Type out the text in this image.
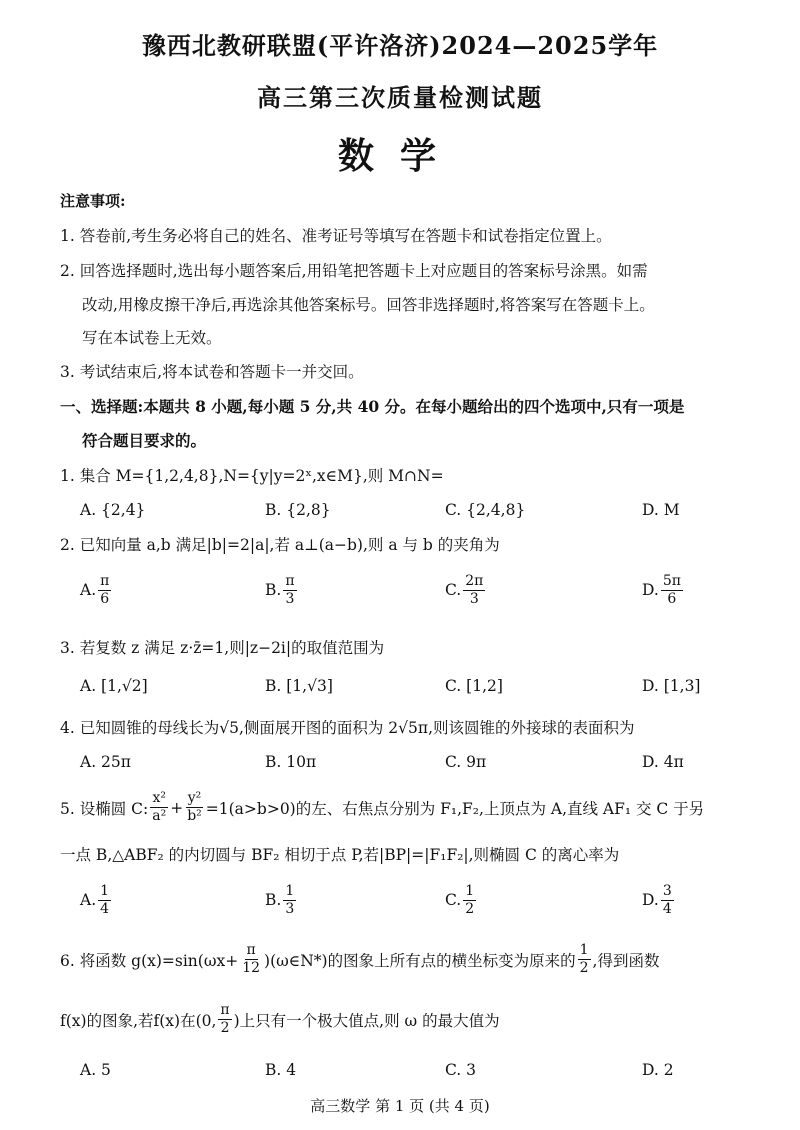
豫西北教研联盟(平许洛济)2024—2025学年
高三第三次质量检测试题
数学
注意事项:
1. 答卷前,考生务必将自己的姓名、准考证号等填写在答题卡和试卷指定位置上。
2. 回答选择题时,选出每小题答案后,用铅笔把答题卡上对应题目的答案标号涂黑。如需
改动,用橡皮擦干净后,再选涂其他答案标号。回答非选择题时,将答案写在答题卡上。
写在本试卷上无效。
3. 考试结束后,将本试卷和答题卡一并交回。
一、选择题:本题共 8 小题,每小题 5 分,共 40 分。在每小题给出的四个选项中,只有一项是
符合题目要求的。
1. 集合 M={1,2,4,8},N={y|y=2ˣ,x∈M},则 M∩N=
A. {2,4}	B. {2,8}	C. {2,4,8}	D. M
2. 已知向量 a,b 满足|b|=2|a|,若 a⊥(a−b),则 a 与 b 的夹角为
A. $\frac{\pi}{6}$	B. $\frac{\pi}{3}$	C. $\frac{2\pi}{3}$	D. $\frac{5\pi}{6}$
3. 若复数 z 满足 z·z̄=1,则|z−2i|的取值范围为
A. [1,√2]	B. [1,√3]	C. [1,2]	D. [1,3]
4. 已知圆锥的母线长为√5,侧面展开图的面积为 2√5π,则该圆锥的外接球的表面积为
A. 25π	B. 10π	C. 9π	D. 4π
5. 设椭圆 C: $\frac{\text{x²}}{\text{a²}} + \frac{\text{y²}}{\text{b²}} =1(a>b>0)$的左、右焦点分别为 F₁,F₂,上顶点为 A,直线 AF₁ 交 C 于另
一点 B,△ABF₂ 的内切圆与 BF₂ 相切于点 P,若|BP|=|F₁F₂|,则椭圆 C 的离心率为
A. $\frac{1}{4}$	B. $\frac{1}{3}$	C. $\frac{1}{2}$	D. $\frac{3}{4}$
6. 将函数 $g(x)=\sin(\omega x+ \frac{\pi}{12}$ )(ω∈N*)的图象上所有点的横坐标变为原来的 $\frac{1}{2}$ ,得到函数
f(x)的图象,若f(x)在(0, $\frac{\pi}{2}$ )上只有一个极大值点,则 ω 的最大值为
A. 5	B. 4	C. 3	D. 2
高三数学 第 1 页 (共 4 页)
